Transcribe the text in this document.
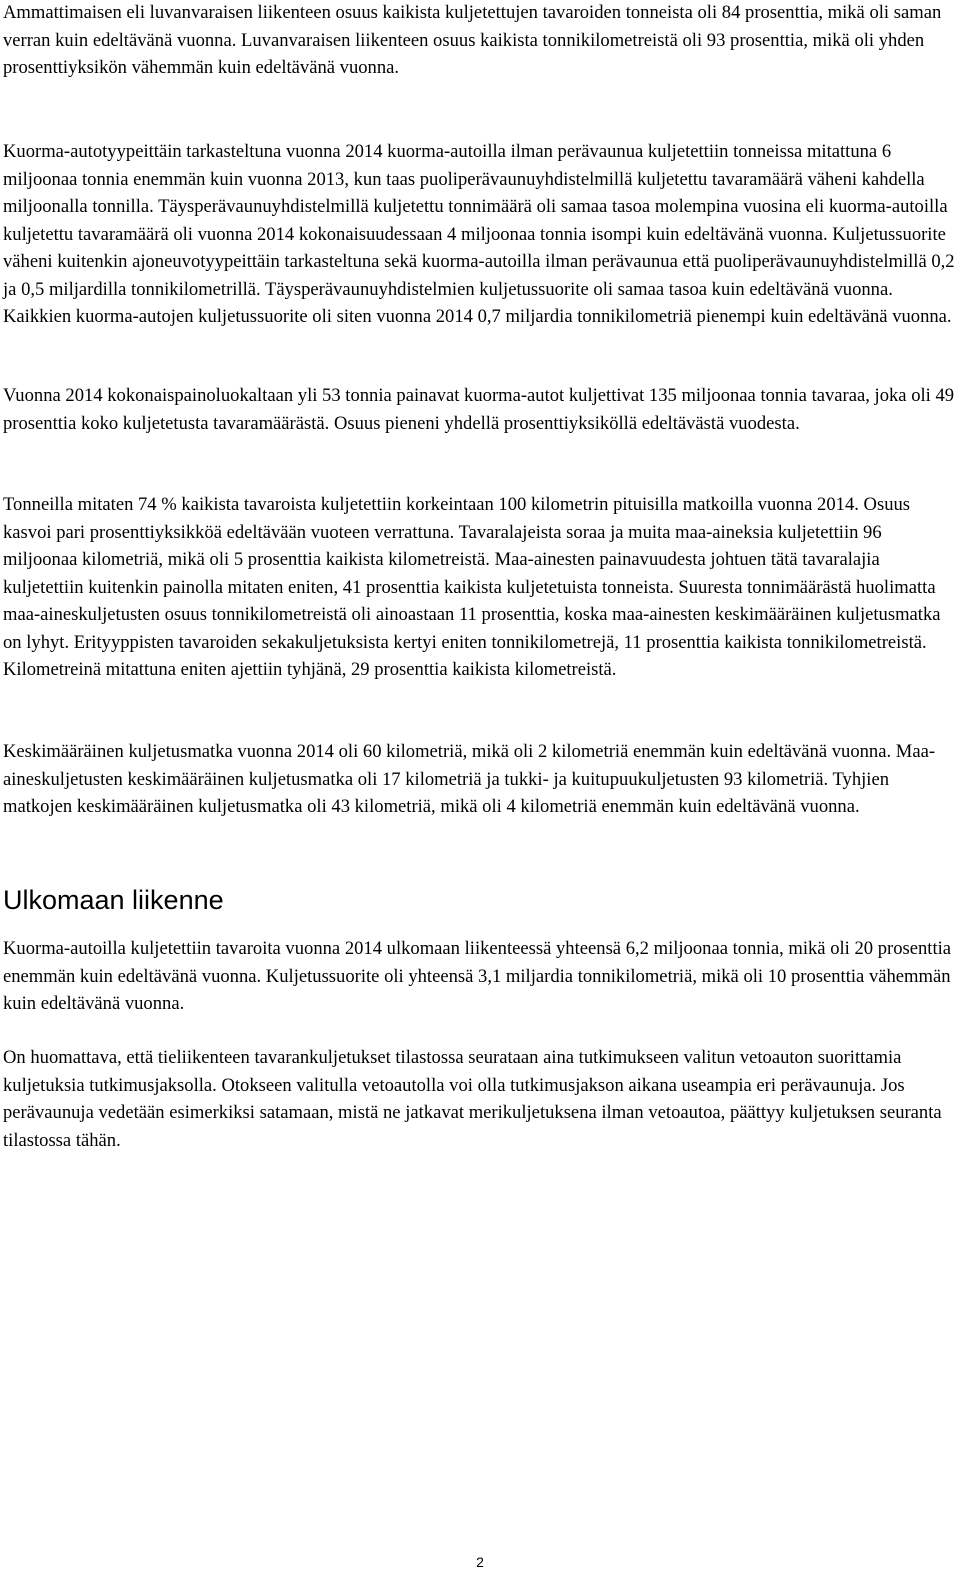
Ammattimaisen eli luvanvaraisen liikenteen osuus kaikista kuljetettujen tavaroiden tonneista oli 84 prosenttia, mikä oli saman verran kuin edeltävänä vuonna. Luvanvaraisen liikenteen osuus kaikista tonnikilometreistä oli 93 prosenttia, mikä oli yhden prosenttiyksikön vähemmän kuin edeltävänä vuonna.

Kuorma-autotyypeittäin tarkasteltuna vuonna 2014 kuorma-autoilla ilman perävaunua kuljetettiin tonneissa mitattuna 6 miljoonaa tonnia enemmän kuin vuonna 2013, kun taas puoliperävaunuyhdistelmillä kuljetettu tavaramäärä väheni kahdella miljoonalla tonnilla. Täysperävaunuyhdistelmillä kuljetettu tonnimäärä oli samaa tasoa molempina vuosina eli kuorma-autoilla kuljetettu tavaramäärä oli vuonna 2014 kokonaisuudessaan 4 miljoonaa tonnia isompi kuin edeltävänä vuonna. Kuljetussuorite väheni kuitenkin ajoneuvotyypeittäin tarkasteltuna sekä kuorma-autoilla ilman perävaunua että puoliperävaunuyhdistelmillä 0,2 ja 0,5 miljardilla tonnikilometrillä. Täysperävaunuyhdistelmien kuljetussuorite oli samaa tasoa kuin edeltävänä vuonna. Kaikkien kuorma-autojen kuljetussuorite oli siten vuonna 2014 0,7 miljardia tonnikilometriä pienempi kuin edeltävänä vuonna.

Vuonna 2014 kokonaispainoluokaltaan yli 53 tonnia painavat kuorma-autot kuljettivat 135 miljoonaa tonnia tavaraa, joka oli 49 prosenttia koko kuljetetusta tavaramäärästä. Osuus pieneni yhdellä prosenttiyksiköllä edeltävästä vuodesta.

Tonneilla mitaten 74 % kaikista tavaroista kuljetettiin korkeintaan 100 kilometrin pituisilla matkoilla vuonna 2014. Osuus kasvoi pari prosenttiyksikköä edeltävään vuoteen verrattuna. Tavaralajeista soraa ja muita maa-aineksia kuljetettiin 96 miljoonaa kilometriä, mikä oli 5 prosenttia kaikista kilometreistä. Maa-ainesten painavuudesta johtuen tätä tavaralajia kuljetettiin kuitenkin painolla mitaten eniten, 41 prosenttia kaikista kuljetetuista tonneista. Suuresta tonnimäärästä huolimatta maa-aineskuljetusten osuus tonnikilometreistä oli ainoastaan 11 prosenttia, koska maa-ainesten keskimääräinen kuljetusmatka on lyhyt. Erityyppisten tavaroiden sekakuljetuksista kertyi eniten tonnikilometrejä, 11 prosenttia kaikista tonnikilometreistä. Kilometreinä mitattuna eniten ajettiin tyhjänä, 29 prosenttia kaikista kilometreistä.

Keskimääräinen kuljetusmatka vuonna 2014 oli 60 kilometriä, mikä oli 2 kilometriä enemmän kuin edeltävänä vuonna. Maa-aineskuljetusten keskimääräinen kuljetusmatka oli 17 kilometriä ja tukki- ja kuitupuukuljetusten 93 kilometriä. Tyhjien matkojen keskimääräinen kuljetusmatka oli 43 kilometriä, mikä oli 4 kilometriä enemmän kuin edeltävänä vuonna.

Ulkomaan liikenne

Kuorma-autoilla kuljetettiin tavaroita vuonna 2014 ulkomaan liikenteessä yhteensä 6,2 miljoonaa tonnia, mikä oli 20 prosenttia enemmän kuin edeltävänä vuonna. Kuljetussuorite oli yhteensä 3,1 miljardia tonnikilometriä, mikä oli 10 prosenttia vähemmän kuin edeltävänä vuonna.

On huomattava, että tieliikenteen tavarankuljetukset tilastossa seurataan aina tutkimukseen valitun vetoauton suorittamia kuljetuksia tutkimusjaksolla. Otokseen valitulla vetoautolla voi olla tutkimusjakson aikana useampia eri perävaunuja. Jos perävaunuja vedetään esimerkiksi satamaan, mistä ne jatkavat merikuljetuksena ilman vetoautoa, päättyy kuljetuksen seuranta tilastossa tähän.

2
